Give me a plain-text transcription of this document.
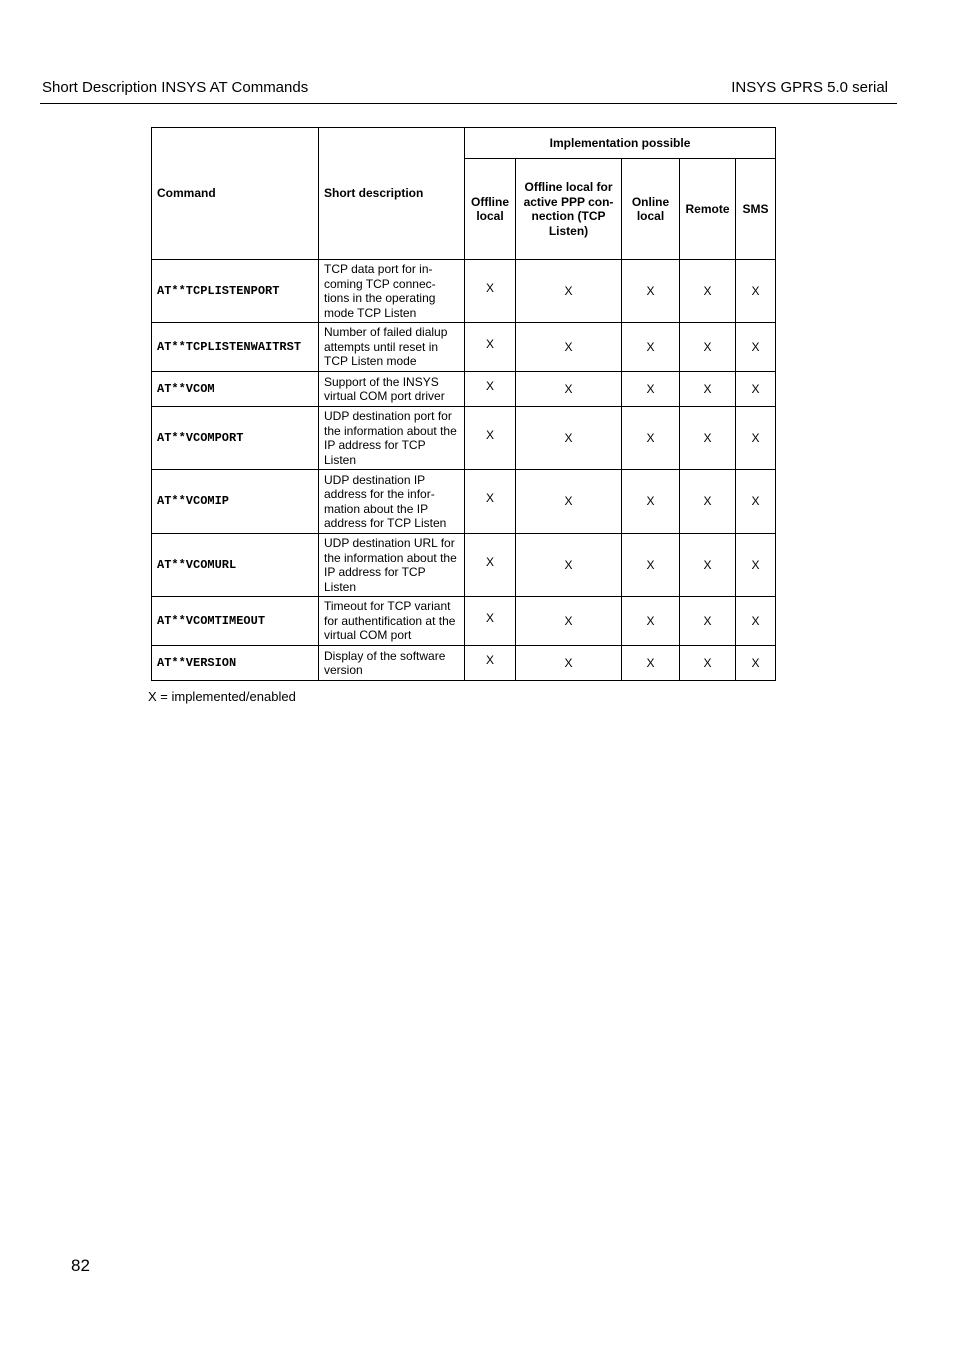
Short Description INSYS AT Commands	INSYS GPRS 5.0 serial
Command	Short description	Implementation possible				
		Offline local	Offline local for active PPP con-nection (TCP Listen)	Online local	Remote	SMS
AT**TCPLISTENPORT	TCP data port for in-coming TCP connec-tions in the operating mode TCP Listen	X	X	X	X	X
AT**TCPLISTENWAITRST	Number of failed dialup attempts until reset in TCP Listen mode	X	X	X	X	X
AT**VCOM	Support of the INSYS virtual COM port driver	X	X	X	X	X
AT**VCOMPORT	UDP destination port for the information about the IP address for TCP Listen	X	X	X	X	X
AT**VCOMIP	UDP destination IP address for the infor-mation about the IP address for TCP Listen	X	X	X	X	X
AT**VCOMURL	UDP destination URL for the information about the IP address for TCP Listen	X	X	X	X	X
AT**VCOMTIMEOUT	Timeout for TCP variant for authentification at the virtual COM port	X	X	X	X	X
AT**VERSION	Display of the software version	X	X	X	X	X
X = implemented/enabled
82
